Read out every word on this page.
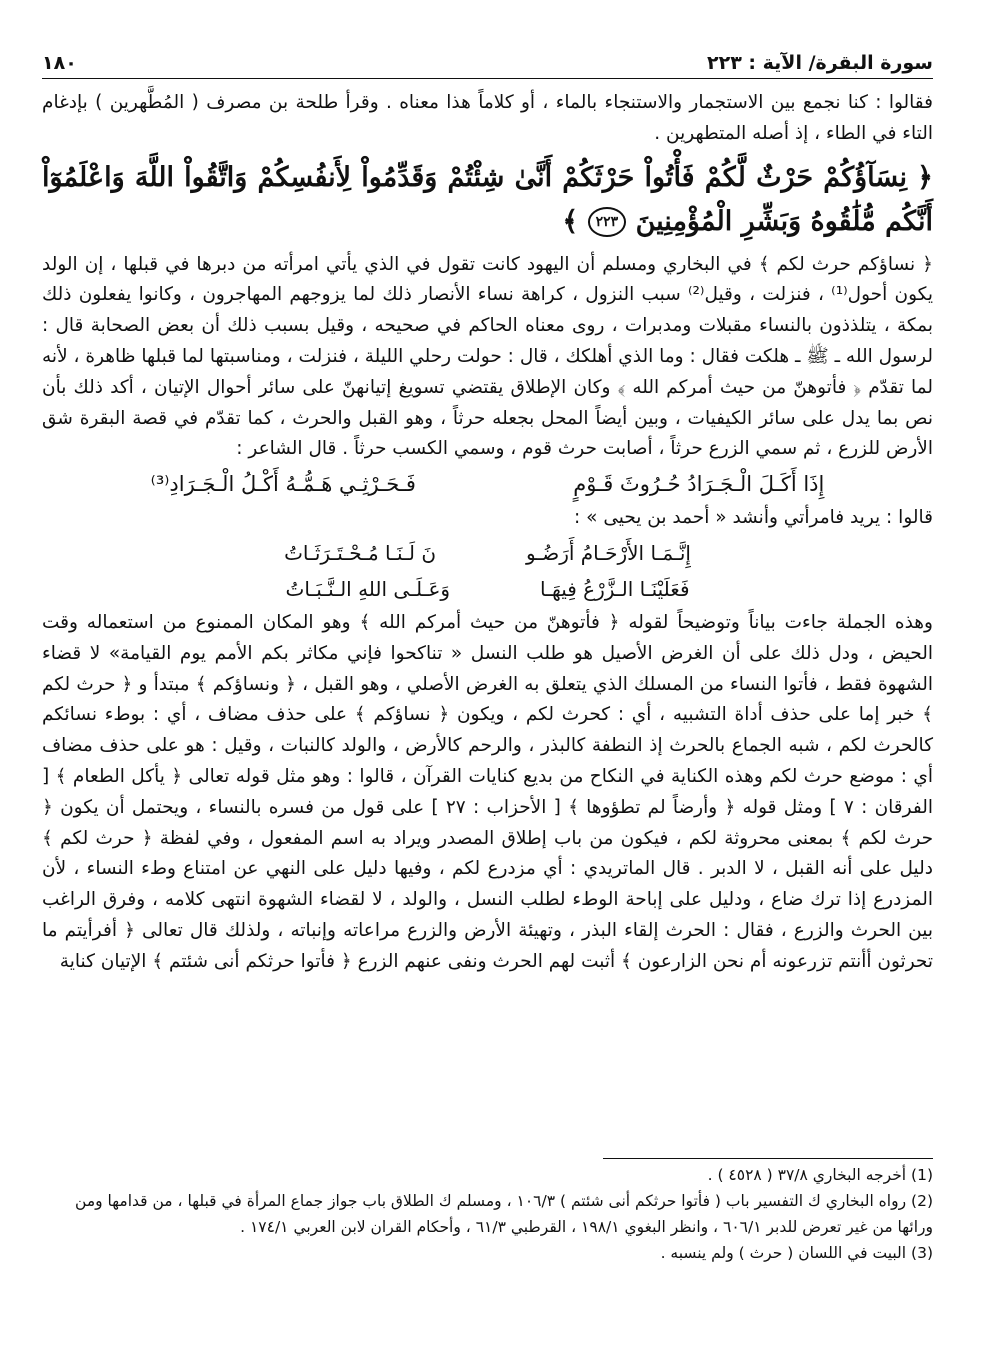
سورة البقرة/ الآية : ٢٢٣
١٨٠

فقالوا : كنا نجمع بين الاستجمار والاستنجاء بالماء ، أو كلاماً هذا معناه . وقرأ طلحة بن مصرف ( المُطَّهرين ) بإدغام التاء في الطاء ، إذ أصله المتطهرين .

﴿ نِسَآؤُكُمْ حَرْثٌ لَّكُمْ فَأْتُواْ حَرْثَكُمْ أَنَّىٰ شِئْتُمْ وَقَدِّمُواْ لِأَنفُسِكُمْ وَاتَّقُواْ اللَّهَ وَاعْلَمُوٓاْ أَنَّكُم مُّلَٰقُوهُ وَبَشِّرِ الْمُؤْمِنِينَ ٢٢٣ ﴾

﴿ نساؤكم حرث لكم ﴾ في البخاري ومسلم أن اليهود كانت تقول في الذي يأتي امرأته من دبرها في قبلها ، إن الولد يكون أحول⁽¹⁾ ، فنزلت ، وقيل⁽²⁾ سبب النزول ، كراهة نساء الأنصار ذلك لما يزوجهم المهاجرون ، وكانوا يفعلون ذلك بمكة ، يتلذذون بالنساء مقبلات ومدبرات ، روى معناه الحاكم في صحيحه ، وقيل بسبب ذلك أن بعض الصحابة قال : لرسول الله ـ ﷺ ـ هلكت فقال : وما الذي أهلكك ، قال : حولت رحلي الليلة ، فنزلت ، ومناسبتها لما قبلها ظاهرة ، لأنه لما تقدّم ﴿ فأتوهنّ من حيث أمركم الله ﴾ وكان الإطلاق يقتضي تسويغ إتيانهنّ على سائر أحوال الإتيان ، أكد ذلك بأن نص بما يدل على سائر الكيفيات ، وبين أيضاً المحل بجعله حرثاً ، وهو القبل والحرث ، كما تقدّم في قصة البقرة شق الأرض للزرع ، ثم سمي الزرع حرثاً ، أصابت حرث قوم ، وسمي الكسب حرثاً . قال الشاعر :

إِذَا أَكَـلَ الْـجَـرَادُ حُـرُوثَ قَـوْمٍ
فَـحَـرْثِـي هَـمُّـهُ أَكْـلُ الْـجَـرَادِ⁽³⁾

قالوا : يريد فامرأتي وأنشد « أحمد بن يحيى » :

إِنَّـمَـا الأَرْحَـامُ أَرَضُـو
نَ لَـنَـا مُـحْـتَـرَثَـاتُ
فَعَلَيْنَـا الـزَّرْعُ فِيهَـا
وَعَـلَـى اللهِ الـنَّـبَـاتُ

وهذه الجملة جاءت بياناً وتوضيحاً لقوله ﴿ فأتوهنّ من حيث أمركم الله ﴾ وهو المكان الممنوع من استعماله وقت الحيض ، ودل ذلك على أن الغرض الأصيل هو طلب النسل « تناكحوا فإني مكاثر بكم الأمم يوم القيامة» لا قضاء الشهوة فقط ، فأتوا النساء من المسلك الذي يتعلق به الغرض الأصلي ، وهو القبل ، ﴿ ونساؤكم ﴾ مبتدأ و ﴿ حرث لكم ﴾ خبر إما على حذف أداة التشبيه ، أي : كحرث لكم ، ويكون ﴿ نساؤكم ﴾ على حذف مضاف ، أي : بوطء نسائكم كالحرث لكم ، شبه الجماع بالحرث إذ النطفة كالبذر ، والرحم كالأرض ، والولد كالنبات ، وقيل : هو على حذف مضاف أي : موضع حرث لكم وهذه الكناية في النكاح من بديع كنايات القرآن ، قالوا : وهو مثل قوله تعالى ﴿ يأكل الطعام ﴾ [ الفرقان : ٧ ] ومثل قوله ﴿ وأرضاً لم تطؤوها ﴾ [ الأحزاب : ٢٧ ] على قول من فسره بالنساء ، ويحتمل أن يكون ﴿ حرث لكم ﴾ بمعنى محروثة لكم ، فيكون من باب إطلاق المصدر ويراد به اسم المفعول ، وفي لفظة ﴿ حرث لكم ﴾ دليل على أنه القبل ، لا الدبر . قال الماتريدي : أي مزدرع لكم ، وفيها دليل على النهي عن امتناع وطء النساء ، لأن المزدرع إذا ترك ضاع ، ودليل على إباحة الوطء لطلب النسل ، والولد ، لا لقضاء الشهوة انتهى كلامه ، وفرق الراغب بين الحرث والزرع ، فقال : الحرث إلقاء البذر ، وتهيئة الأرض والزرع مراعاته وإنباته ، ولذلك قال تعالى ﴿ أفرأيتم ما تحرثون أأنتم تزرعونه أم نحن الزارعون ﴾ أثبت لهم الحرث ونفى عنهم الزرع ﴿ فأتوا حرثكم أنى شئتم ﴾ الإتيان كناية

(1) أخرجه البخاري ٣٧/٨ ( ٤٥٢٨ ) .
(2) رواه البخاري ك التفسير باب ( فأتوا حرثكم أنى شئتم ) ١٠٦/٣ ، ومسلم ك الطلاق باب جواز جماع المرأة في قبلها ، من قدامها ومن ورائها من غير تعرض للدبر ٦٠٦/١ ، وانظر البغوي ١٩٨/١ ، القرطبي ٦١/٣ ، وأحكام القران لابن العربي ١٧٤/١ .
(3) البيت في اللسان ( حرث ) ولم ينسبه .
